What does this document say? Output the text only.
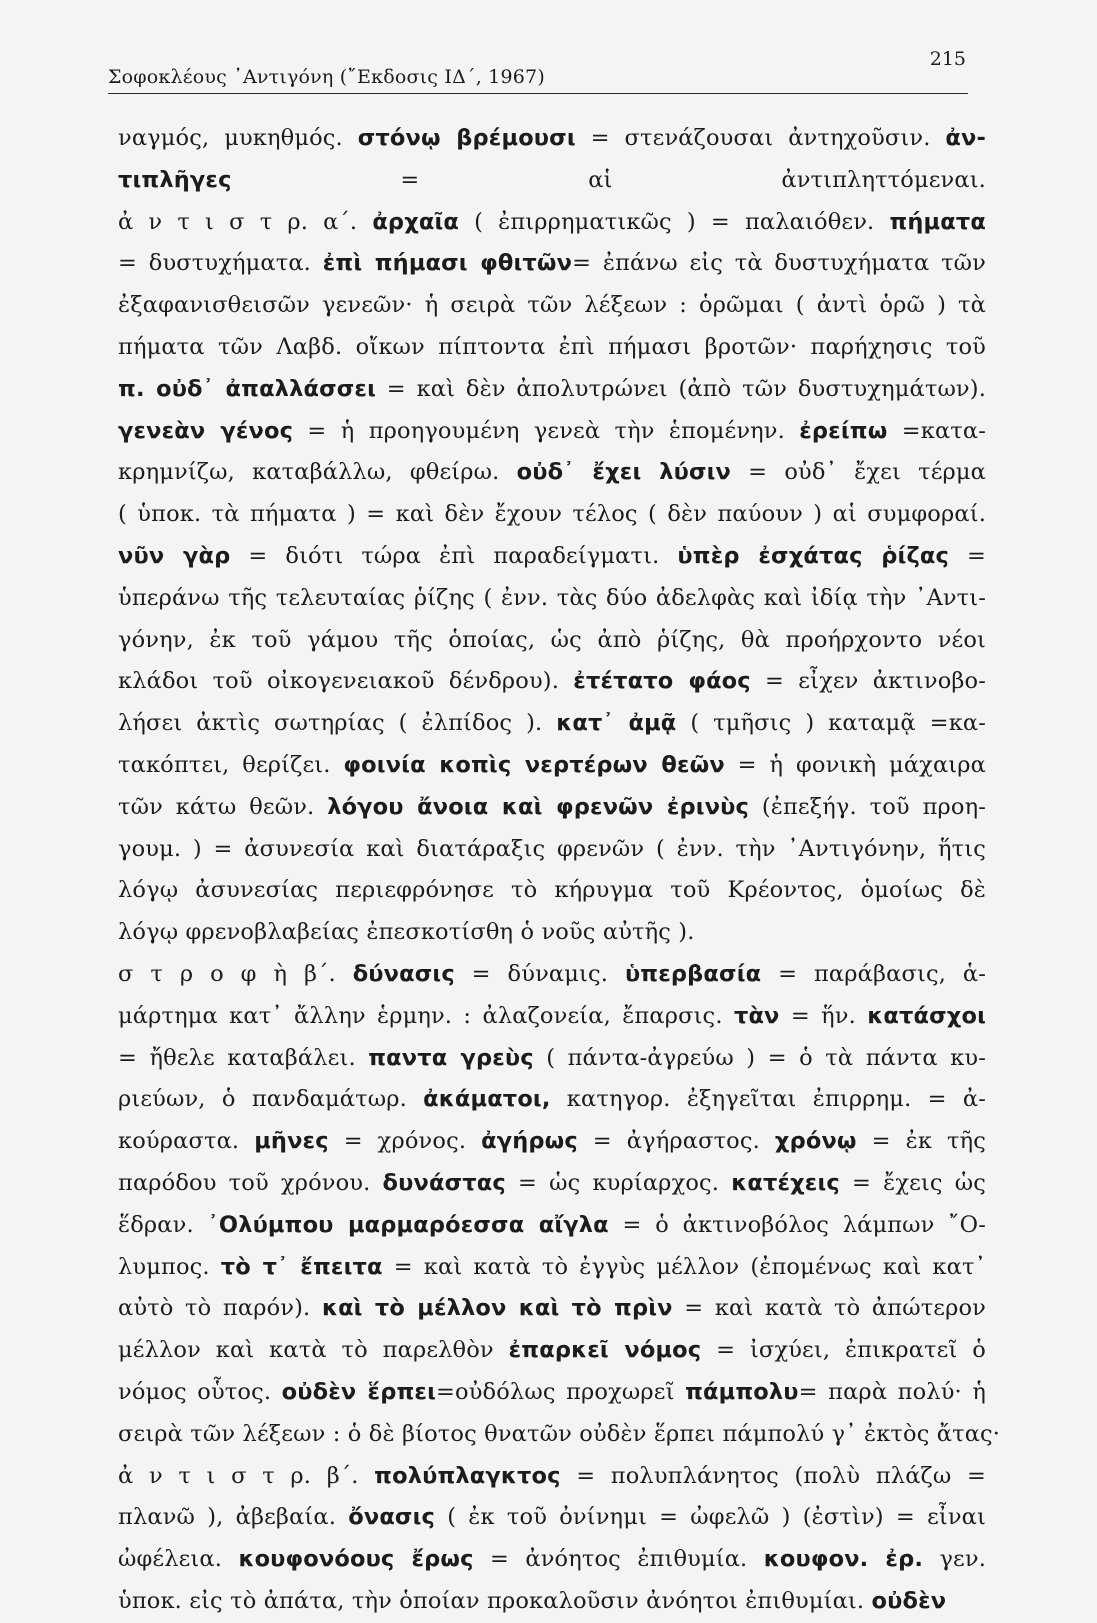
Σοφοκλέους ᾿Αντιγόνη (῎Εκδοσις ΙΔ΄, 1967)
215
ναγμός, μυκηθμός. στόνῳ βρέμουσι = στενάζουσαι ἀντηχοῦσιν. ἀν-
τιπλῆγες = αἱ ἀντιπληττόμεναι.
ἀ ν τ ι σ τ ρ. α΄. ἀρχαῖα ( ἐπιρρηματικῶς ) = παλαιόθεν. πήματα
= δυστυχήματα. ἐπὶ πήμασι φθιτῶν= ἐπάνω εἰς τὰ δυστυχήματα τῶν
ἐξαφανισθεισῶν γενεῶν· ἡ σειρὰ τῶν λέξεων : ὁρῶμαι ( ἀντὶ ὁρῶ ) τὰ
πήματα τῶν Λαβδ. οἴκων πίπτοντα ἐπὶ πήμασι βροτῶν· παρήχησις τοῦ
π. οὐδ᾿ ἀπαλλάσσει = καὶ δὲν ἀπολυτρώνει (ἀπὸ τῶν δυστυχημάτων).
γενεὰν γένος = ἡ προηγουμένη γενεὰ τὴν ἑπομένην. ἐρείπω =κατα-
κρημνίζω, καταβάλλω, φθείρω. οὐδ᾿ ἔχει λύσιν = οὐδ᾿ ἔχει τέρμα
( ὑποκ. τὰ πήματα ) = καὶ δὲν ἔχουν τέλος ( δὲν παύουν ) αἱ συμφοραί.
νῦν γὰρ = διότι τώρα ἐπὶ παραδείγματι. ὑπὲρ ἐσχάτας ῥίζας =
ὑπεράνω τῆς τελευταίας ῥίζης ( ἐνν. τὰς δύο ἀδελφὰς καὶ ἰδίᾳ τὴν ᾿Αντι-
γόνην, ἐκ τοῦ γάμου τῆς ὁποίας, ὡς ἀπὸ ῥίζης, θὰ προήρχοντο νέοι
κλάδοι τοῦ οἰκογενειακοῦ δένδρου). ἐτέτατο φάος = εἶχεν ἀκτινοβο-
λήσει ἀκτὶς σωτηρίας ( ἐλπίδος ). κατ᾿ ἀμᾷ ( τμῆσις ) καταμᾷ =κα-
τακόπτει, θερίζει. φοινία κοπὶς νερτέρων θεῶν = ἡ φονικὴ μάχαιρα
τῶν κάτω θεῶν. λόγου ἄνοια καὶ φρενῶν ἐρινὺς (ἐπεξήγ. τοῦ προη-
γουμ. ) = ἀσυνεσία καὶ διατάραξις φρενῶν ( ἐνν. τὴν ᾿Αντιγόνην, ἥτις
λόγῳ ἀσυνεσίας περιεφρόνησε τὸ κήρυγμα τοῦ Κρέοντος, ὁμοίως δὲ
λόγῳ φρενοβλαβείας ἐπεσκοτίσθη ὁ νοῦς αὐτῆς ).
σ τ ρ ο φ ὴ β΄. δύνασις = δύναμις. ὑπερβασία = παράβασις, ἁ-
μάρτημα κατ᾿ ἄλλην ἑρμην. : ἀλαζονεία, ἔπαρσις. τὰν = ἥν. κατάσχοι
= ἤθελε καταβάλει. παντα γρεὺς ( πάντα-ἀγρεύω ) = ὁ τὰ πάντα κυ-
ριεύων, ὁ πανδαμάτωρ. ἀκάματοι, κατηγορ. ἐξηγεῖται ἐπιρρημ. = ἀ-
κούραστα. μῆνες = χρόνος. ἀγήρως = ἀγήραστος. χρόνῳ = ἐκ τῆς
παρόδου τοῦ χρόνου. δυνάστας = ὡς κυρίαρχος. κατέχεις = ἔχεις ὡς
ἕδραν. ᾿Ολύμπου μαρμαρόεσσα αἴγλα = ὁ ἀκτινοβόλος λάμπων ῎Ο-
λυμπος. τὸ τ᾿ ἔπειτα = καὶ κατὰ τὸ ἐγγὺς μέλλον (ἐπομένως καὶ κατ᾿
αὐτὸ τὸ παρόν). καὶ τὸ μέλλον καὶ τὸ πρὶν = καὶ κατὰ τὸ ἀπώτερον
μέλλον καὶ κατὰ τὸ παρελθὸν ἐπαρκεῖ νόμος = ἰσχύει, ἐπικρατεῖ ὁ
νόμος οὗτος. οὐδὲν ἕρπει=οὐδόλως προχωρεῖ πάμπολυ= παρὰ πολύ· ἡ
σειρὰ τῶν λέξεων : ὁ δὲ βίοτος θνατῶν οὐδὲν ἕρπει πάμπολύ γ᾿ ἐκτὸς ἄτας·
ἀ ν τ ι σ τ ρ. β΄. πολύπλαγκτος = πολυπλάνητος (πολὺ πλάζω =
πλανῶ ), ἀβεβαία. ὄνασις ( ἐκ τοῦ ὀνίνημι = ὠφελῶ ) (ἐστὶν) = εἶναι
ὠφέλεια. κουφονόους ἔρως = ἀνόητος ἐπιθυμία. κουφον. ἐρ. γεν.
ὑποκ. εἰς τὸ ἀπάτα, τὴν ὁποίαν προκαλοῦσιν ἀνόητοι ἐπιθυμίαι. οὐδὲν
